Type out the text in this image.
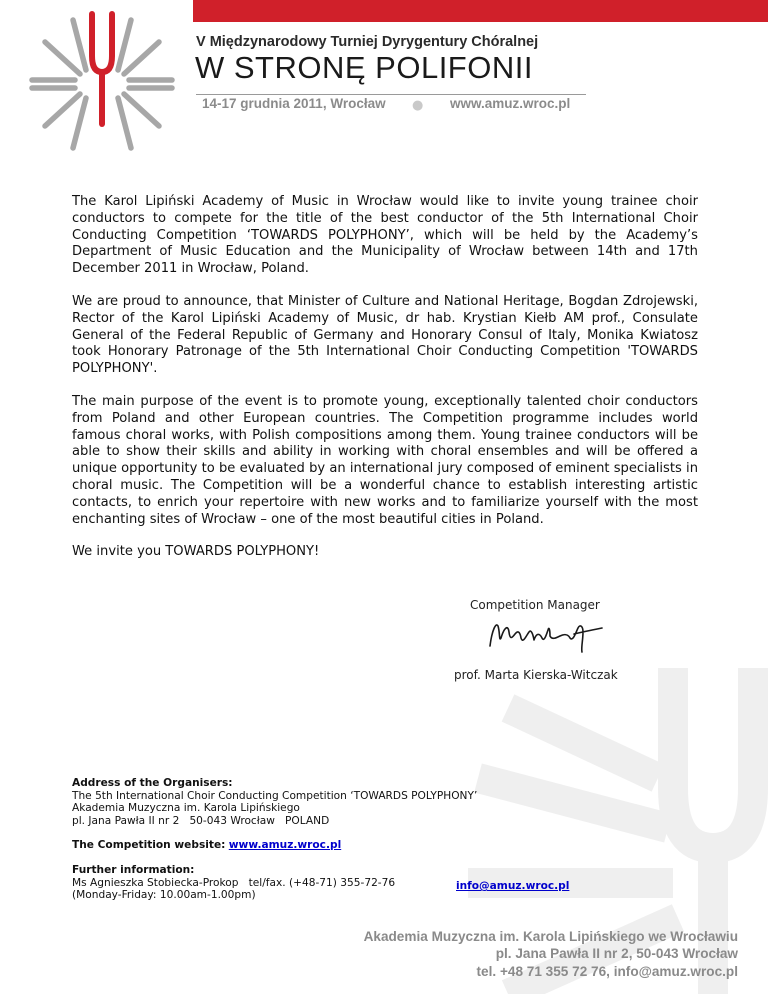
V Międzynarodowy Turniej Dyrygentury Chóralnej
W STRONĘ POLIFONII
14-17 grudnia 2011, Wrocław ● www.amuz.wroc.pl

The Karol Lipiński Academy of Music in Wrocław would like to invite young trainee choir conductors to compete for the title of the best conductor of the 5th International Choir Conducting Competition ‘TOWARDS POLYPHONY’, which will be held by the Academy’s Department of Music Education and the Municipality of Wrocław between 14th and 17th December 2011 in Wrocław, Poland.

We are proud to announce, that Minister of Culture and National Heritage, Bogdan Zdrojewski, Rector of the Karol Lipiński Academy of Music, dr hab. Krystian Kiełb AM prof., Consulate General of the Federal Republic of Germany and Honorary Consul of Italy, Monika Kwiatosz took Honorary Patronage of the 5th International Choir Conducting Competition 'TOWARDS POLYPHONY'.

The main purpose of the event is to promote young, exceptionally talented choir conductors from Poland and other European countries. The Competition programme includes world famous choral works, with Polish compositions among them. Young trainee conductors will be able to show their skills and ability in working with choral ensembles and will be offered a unique opportunity to be evaluated by an international jury composed of eminent specialists in choral music. The Competition will be a wonderful chance to establish interesting artistic contacts, to enrich your repertoire with new works and to familiarize yourself with the most enchanting sites of Wrocław – one of the most beautiful cities in Poland.

We invite you TOWARDS POLYPHONY!

Competition Manager
prof. Marta Kierska-Witczak
Address of the Organisers:
The 5th International Choir Conducting Competition ‘TOWARDS POLYPHONY’
Akademia Muzyczna im. Karola Lipińskiego
pl. Jana Pawła II nr 2 50-043 Wrocław POLAND
The Competition website: www.amuz.wroc.pl
Further information:
Ms Agnieszka Stobiecka-Prokop tel/fax. (+48-71) 355-72-76
(Monday-Friday: 10.00am-1.00pm)
info@amuz.wroc.pl
Akademia Muzyczna im. Karola Lipińskiego we Wrocławiu
pl. Jana Pawła II nr 2, 50-043 Wrocław
tel. +48 71 355 72 76, info@amuz.wroc.pl
